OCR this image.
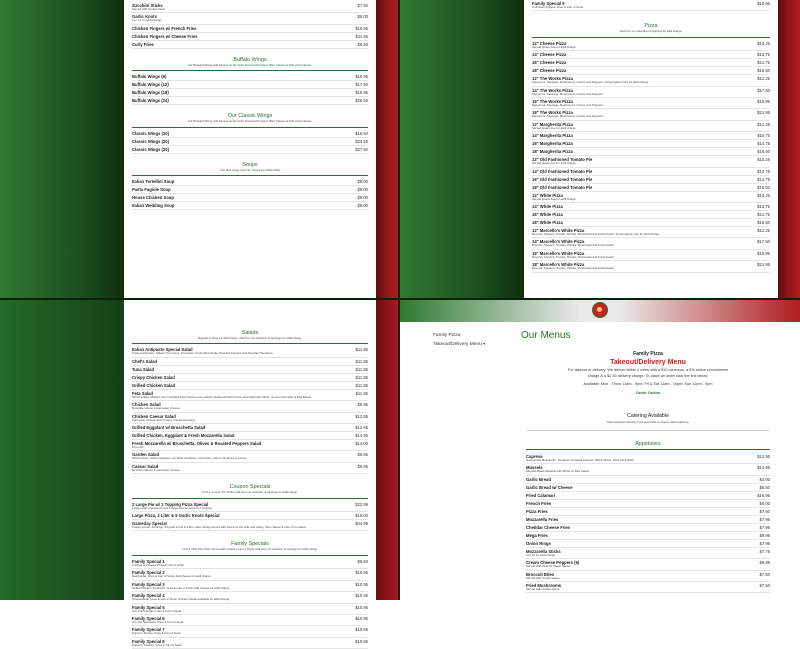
Zucchini Sticks	$7.50
Served with tomato sauce.
Garlic Knots	$6.00
6 or 12 for addl charge.
Chicken Fingers w/ French Fries	$10.95
Chicken Fingers w/ Cheese Fries	$11.95
Curly Fries	$6.50
Buffalo Wings
Our Breaded Wings with Sauces on the Side! Served with Celery, Bleu Cheese & Side of Hot Sauce.
Buffalo Wings (6)	$10.95
Buffalo Wings (12)	$17.50
Buffalo Wings (18)	$19.95
Buffalo Wings (24)	$25.50
Our Classic Wings
Our Breaded Wings with Sauces on the Side! Served with Celery, Bleu Cheese & Side of Hot Sauce.
Classic Wings (10)	$16.50
Classic Wings (20)	$23.50
Classic Wings (30)	$27.50
Soups
One Size Large (1qt) Our Soups are Made Daily!
Italian Tortellini Soup	$8.00
Pasta Fagiole Soup	$9.00
House Chicken Soup	$9.00
Italian Wedding Soup	$8.00
Family Special 9	$10.95
3 Chicken Fingers, Fries & Can of Soda.
Pizza
Add from our selection of toppings for addl charge.
12" Cheese Pizza	$10.25
Served gluten free for addl charge.
14" Cheese Pizza	$13.75
16" Cheese Pizza	$14.75
18" Cheese Pizza	$16.50
12" The Works Pizza	$12.25
Pepperoni, Sausage, Mushrooms, Onions and Peppers. Served gluten free for addl charge.
14" The Works Pizza	$17.50
Pepperoni, Sausage, Mushrooms, Onions and Peppers.
16" The Works Pizza	$19.95
Pepperoni, Sausage, Mushrooms, Onions and Peppers.
18" The Works Pizza	$21.95
Pepperoni, Sausage, Mushrooms, Onions and Peppers.
12" Margherita Pizza	$12.25
Served gluten free for addl charge.
14" Margherita Pizza	$15.75
16" Margherita Pizza	$14.75
18" Margherita Pizza	$16.50
12" Old Fashioned Tomato Pie	$10.25
Served gluten free for addl charge.
14" Old Fashioned Tomato Pie	$13.75
16" Old Fashioned Tomato Pie	$14.75
18" Old Fashioned Tomato Pie	$16.50
12" White Pizza	$10.25
Served gluten free for addl charge.
14" White Pizza	$13.75
16" White Pizza	$14.75
18" White Pizza	$16.50
12" Marcello's White Pizza	$12.25
Broccoli, Spinach, Tomato, Ricotta, Mozzarella and Fresh Garlic. Served gluten free for addl charge.
14" Marcello's White Pizza	$17.50
Broccoli, Spinach, Tomato, Ricotta, Mozzarella and Fresh Garlic.
16" Marcello's White Pizza	$19.95
Broccoli, Spinach, Tomato, Ricotta, Mozzarella and Fresh Garlic.
18" Marcello's White Pizza	$21.95
Broccoli, Spinach, Tomato, Ricotta, Mozzarella and Fresh Garlic.
Salads
Regular or large for addl charge. Add from our selection of toppings for addl charge.
Italian Antipasto Special Salad	$11.95
Topped with Ham, Salami, Provolone, Prosciutto, Fresh Mozzarella, Roasted Peppers and Sundried Tomatoes.
Chef's Salad	$11.95
Tuna Salad	$11.95
Crispy Chicken Salad	$11.95
Grilled Chicken Salad	$11.95
Feta Salad	$11.95
Sliced Grilled Chicken and Crumbled Feta Cheese over Garden Salad with Red Onion and Kalamata Olives. Served with Side of Pita Bread.
Chicken Salad	$9.95
Romaine lettuce & parmesan cheese.
Chicken Caesar Salad	$12.95
Parmesan Cheese and Creamy Caesar Dressing.
Grilled Eggplant w/ Bruschetta Salad	$12.95
Grilled Chicken, Eggplant & Fresh Mozzarella Salad	$14.95
Fresh Mozzarella w/ Bruschetta, Olives & Roasted Peppers Salad	$14.00
Fine Oils
Garden Salad	$9.95
Sliced olives, roasted peppers, sundried tomatoes, cucumbers, cherry tomatoes & onions.
Caesar Salad	$9.95
Romaine lettuce & parmesan cheese.
Coupon Specials
Limit 1 Coupon Per Order. Add from our selection of toppings for addl charge.
2 Large Pie w/ 1 Topping Pizza Special	$22.99
1 large plain cheese pizza & 1 large cheese pizza w/ 1 topping.
Large Pizza, 2 Liter & 5 Garlic Knots Special	$19.00
Gameday Special	$44.99
2 large pizzas, 20 wings, 20 garlic knots & 2 liter soda. Wings served with sauce on the side with celery, bleu cheese & side of hot sauce.
Family Specials
Limit 1 Offer Per Order. All specials include a can of Pepsi. Add from our selection of toppings for addl charge.
Family Special 1	$6.50
2 Slices of Cheese Pizza & Can of Soda.
Family Special 2	$10.95
Hamburger, Fries & Can of Soda. Add cheese for addl charge.
Family Special 3	$10.95
Grilled Chicken Sandwich, Fries & Can of Soda. Add cheese for addl charge.
Family Special 4	$10.95
Cheesesteak, Fries & Can of Soda. Chicken Steak available for addl charge.
Family Special 5	$10.95
Any Cold Hoagie, Fries & Can of Soda.
Family Special 6	$10.95
Any Hot Sandwich, Fries & Can of Soda.
Family Special 7	$10.95
Popcorn Shrimp, Fries & Can of Soda.
Family Special 8	$10.95
Popcorn Chicken, Fries & Can of Soda.
Family Pizza
Takeout/Delivery Menu ▾
Our Menus
Family Pizza
Takeout/Delivery Menu
For takeout or delivery. We deliver within 4 miles with a $10 minimum, a 5% online convenience charge & a $2.50 delivery charge. To place an order click the link below.
Available: Mon - Thurs 11am - 9pm; Fri & Sat 11am - 10pm; Sun 12pm - 9pm
Order Online
Catering Available
Call restaurant directly if you would like to inquire about catering.
Appetizers
Caprese	$12.95
Homemade Mozzarella, Tomatoes, Roasted Peppers, Black Olives, Olive Oil & Basil.
Mussels	$14.95
Mussels Black Mussels with White Or Red Sauce.
Garlic Bread	$4.00
Garlic Bread w/ Cheese	$5.50
Fried Calamari	$16.95
French Fries	$6.00
Pizza Fries	$7.50
Mozzarella Fries	$7.95
Cheddar Cheese Fries	$7.95
Mega Fries	$9.95
Onion Rings	$7.95
Mozzarella Sticks	$7.75
6 or 12 for addl charge.
Cream Cheese Poppers (6)	$8.95
Served With Side Of Sweet Sauce.
Broccoli Bites	$7.50
Served with tomato sauce.
Fried Mushrooms	$7.50
Served with tomato sauce.
